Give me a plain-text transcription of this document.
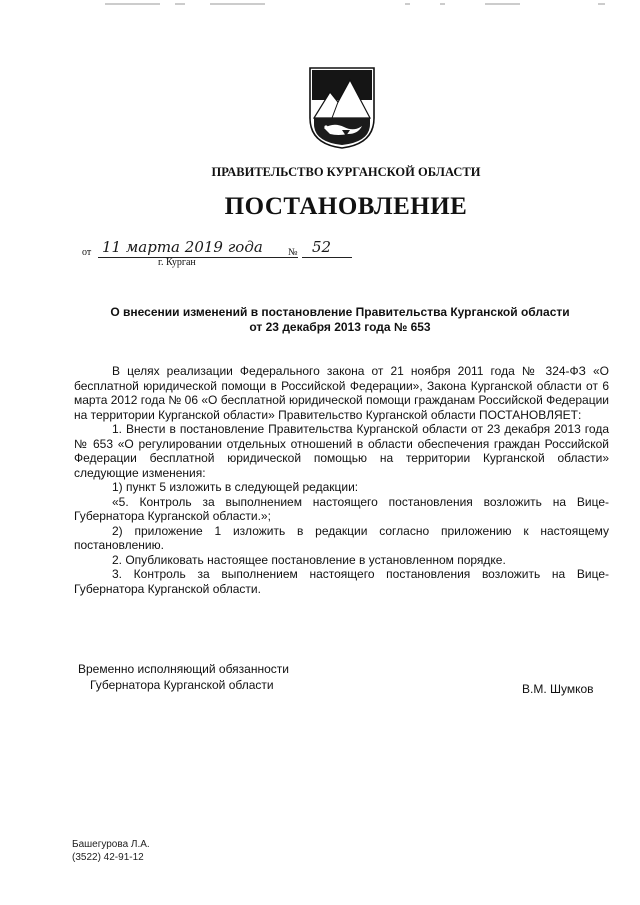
ПРАВИТЕЛЬСТВО КУРГАНСКОЙ ОБЛАСТИ
ПОСТАНОВЛЕНИЕ
от 11 марта 2019 года	№ 52
г. Курган
О внесении изменений в постановление Правительства Курганской области
от 23 декабря 2013 года № 653

В целях реализации Федерального закона от 21 ноября 2011 года № 324-ФЗ «О бесплатной юридической помощи в Российской Федерации», Закона Курганской области от 6 марта 2012 года № 06 «О бесплатной юридической помощи гражданам Российской Федерации на территории Курганской области» Правительство Курганской области ПОСТАНОВЛЯЕТ:

1. Внести в постановление Правительства Курганской области от 23 декабря 2013 года № 653 «О регулировании отдельных отношений в области обеспечения граждан Российской Федерации бесплатной юридической помощью на территории Курганской области» следующие изменения:

1) пункт 5 изложить в следующей редакции:

«5. Контроль за выполнением настоящего постановления возложить на Вице-Губернатора Курганской области.»;

2) приложение 1 изложить в редакции согласно приложению к настоящему постановлению.

2. Опубликовать настоящее постановление в установленном порядке.

3. Контроль за выполнением настоящего постановления возложить на Вице-Губернатора Курганской области.

Временно исполняющий обязанности
Губернатора Курганской области	В.М. Шумков
Башегурова Л.А.
(3522) 42-91-12
